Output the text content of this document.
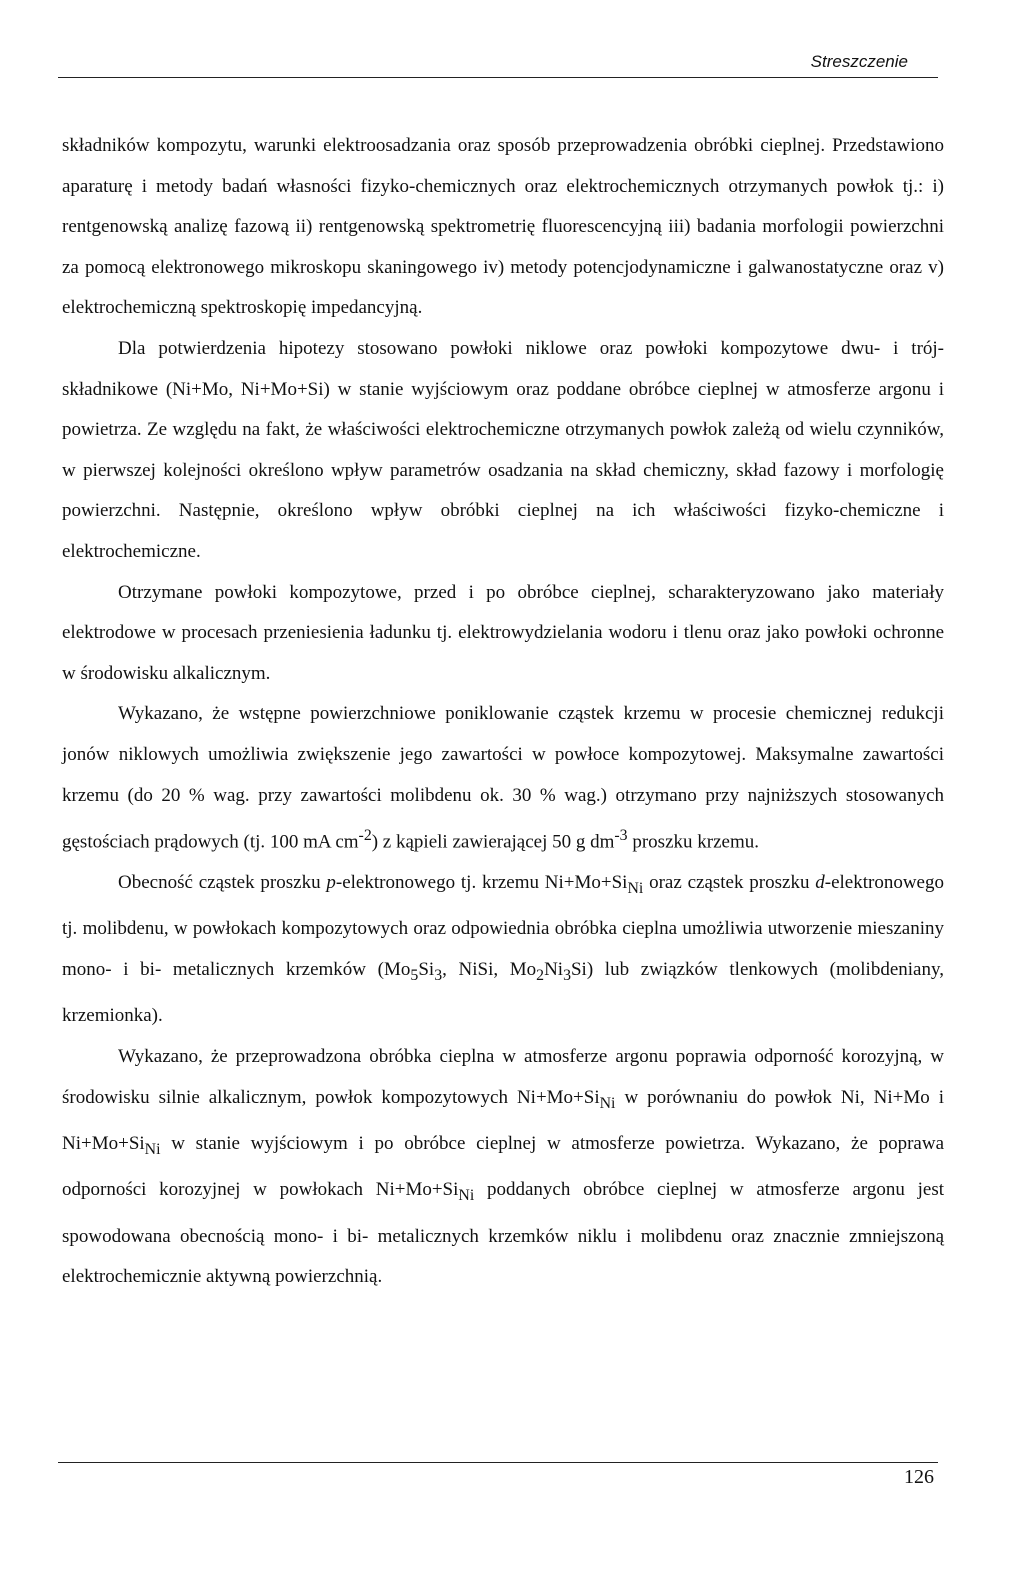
Streszczenie

składników kompozytu, warunki elektroosadzania oraz sposób przeprowadzenia obróbki cieplnej. Przedstawiono aparaturę i metody badań własności fizyko-chemicznych oraz elektrochemicznych otrzymanych powłok tj.: i) rentgenowską analizę fazową ii) rentgenowską spektrometrię fluorescencyjną iii) badania morfologii powierzchni za pomocą elektronowego mikroskopu skaningowego iv) metody potencjodynamiczne i galwanostatyczne oraz v) elektrochemiczną spektroskopię impedancyjną.

Dla potwierdzenia hipotezy stosowano powłoki niklowe oraz powłoki kompozytowe dwu- i trój- składnikowe (Ni+Mo, Ni+Mo+Si) w stanie wyjściowym oraz poddane obróbce cieplnej w atmosferze argonu i powietrza. Ze względu na fakt, że właściwości elektrochemiczne otrzymanych powłok zależą od wielu czynników, w pierwszej kolejności określono wpływ parametrów osadzania na skład chemiczny, skład fazowy i morfologię powierzchni. Następnie, określono wpływ obróbki cieplnej na ich właściwości fizyko-chemiczne i elektrochemiczne.

Otrzymane powłoki kompozytowe, przed i po obróbce cieplnej, scharakteryzowano jako materiały elektrodowe w procesach przeniesienia ładunku tj. elektrowydzielania wodoru i tlenu oraz jako powłoki ochronne w środowisku alkalicznym.

Wykazano, że wstępne powierzchniowe poniklowanie cząstek krzemu w procesie chemicznej redukcji jonów niklowych umożliwia zwiększenie jego zawartości w powłoce kompozytowej. Maksymalne zawartości krzemu (do 20 % wag. przy zawartości molibdenu ok. 30 % wag.) otrzymano przy najniższych stosowanych gęstościach prądowych (tj. 100 mA $cm^{-2}$) z kąpieli zawierającej 50 g $dm^{-3}$ proszku krzemu.

Obecność cząstek proszku p-elektronowego tj. krzemu $Ni+Mo+Si_{Ni}$ oraz cząstek proszku d-elektronowego tj. molibdenu, w powłokach kompozytowych oraz odpowiednia obróbka cieplna umożliwia utworzenie mieszaniny mono- i bi- metalicznych krzemków ($Mo_5Si_3$, NiSi, $Mo_2Ni_3Si$) lub związków tlenkowych (molibdeniany, krzemionka).

Wykazano, że przeprowadzona obróbka cieplna w atmosferze argonu poprawia odporność korozyjną, w środowisku silnie alkalicznym, powłok kompozytowych $Ni+Mo+Si_{Ni}$ w porównaniu do powłok Ni, Ni+Mo i $Ni+Mo+Si_{Ni}$ w stanie wyjściowym i po obróbce cieplnej w atmosferze powietrza. Wykazano, że poprawa odporności korozyjnej w powłokach $Ni+Mo+Si_{Ni}$ poddanych obróbce cieplnej w atmosferze argonu jest spowodowana obecnością mono- i bi- metalicznych krzemków niklu i molibdenu oraz znacznie zmniejszoną elektrochemicznie aktywną powierzchnią.

126
